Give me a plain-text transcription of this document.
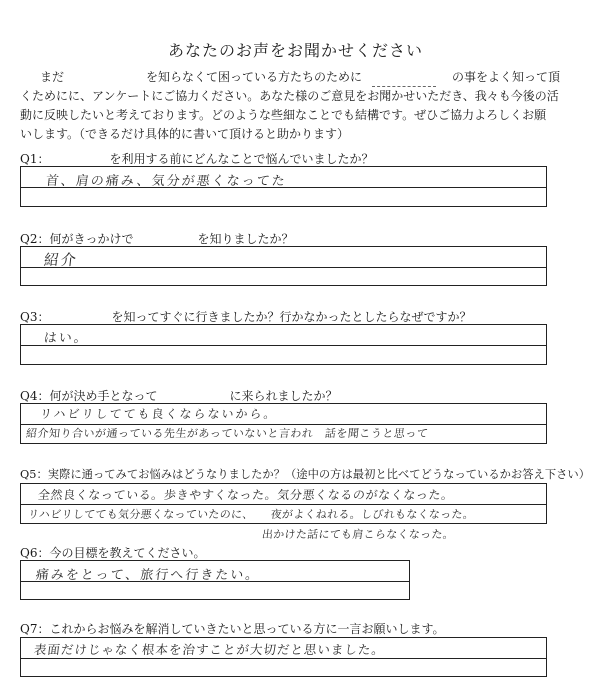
あなたのお声をお聞かせください
まだ	を知らなくて困っている方たちのために	の事をよく知って頂
くためにに、アンケートにご協力ください。あなた様のご意見をお聞かせいただき、我々も今後の活
動に反映したいと考えております。どのような些細なことでも結構です。ぜひご協力よろしくお願
いします。（できるだけ具体的に書いて頂けると助かります）
Q1：	を利用する前にどんなことで悩んでいましたか？
首、肩の痛み、気分が悪くなってた
Q2：何がきっかけで	を知りましたか？
紹介
Q3：	を知ってすぐに行きましたか？行かなかったとしたらなぜですか？
はい。
Q4：何が決め手となって	に来られましたか？
リハビリしてても良くならないから。
紹介知り合いが通っている先生があっていないと言われ　話を聞こうと思って
Q5：実際に通ってみてお悩みはどうなりましたか？（途中の方は最初と比べてどうなっているかお答え下さい）
全然良くなっている。歩きやすくなった。気分悪くなるのがなくなった。
リハビリしてても気分悪くなっていたのに、　　夜がよくねれる。しびれもなくなった。
出かけた話にても肩こらなくなった。
Q6：今の目標を教えてください。
痛みをとって、旅行へ行きたい。
Q7：これからお悩みを解消していきたいと思っている方に一言お願いします。
表面だけじゃなく根本を治すことが大切だと思いました。
